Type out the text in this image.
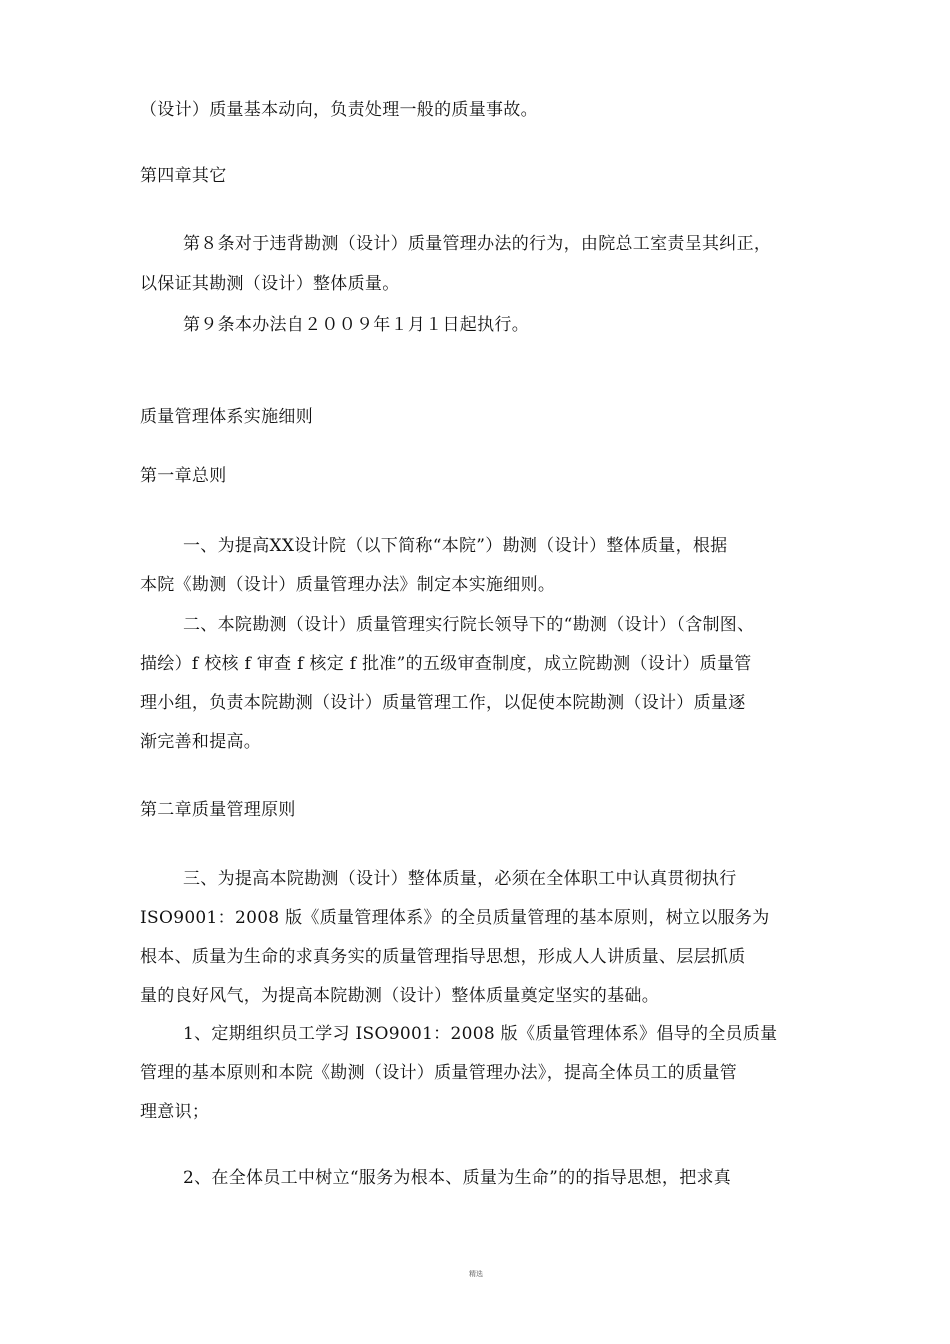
（设计）质量基本动向，负责处理一般的质量事故。
第四章其它
第８条对于违背勘测（设计）质量管理办法的行为，由院总工室责呈其纠正，
以保证其勘测（设计）整体质量。
第９条本办法自２００９年１月１日起执行。
质量管理体系实施细则
第一章总则
一、为提高XX设计院（以下简称“本院”）勘测（设计）整体质量，根据
本院《勘测（设计）质量管理办法》制定本实施细则。
二、本院勘测（设计）质量管理实行院长领导下的“勘测（设计）（含制图、
描绘）f 校核 f 审查 f 核定 f 批准”的五级审查制度，成立院勘测（设计）质量管
理小组，负责本院勘测（设计）质量管理工作，以促使本院勘测（设计）质量逐
渐完善和提高。
第二章质量管理原则
三、为提高本院勘测（设计）整体质量，必须在全体职工中认真贯彻执行
ISO9001：2008 版《质量管理体系》的全员质量管理的基本原则，树立以服务为
根本、质量为生命的求真务实的质量管理指导思想，形成人人讲质量、层层抓质
量的良好风气，为提高本院勘测（设计）整体质量奠定坚实的基础。
1、定期组织员工学习 ISO9001：2008 版《质量管理体系》倡导的全员质量
管理的基本原则和本院《勘测（设计）质量管理办法》，提高全体员工的质量管
理意识；
2、在全体员工中树立“服务为根本、质量为生命”的的指导思想，把求真
精选
